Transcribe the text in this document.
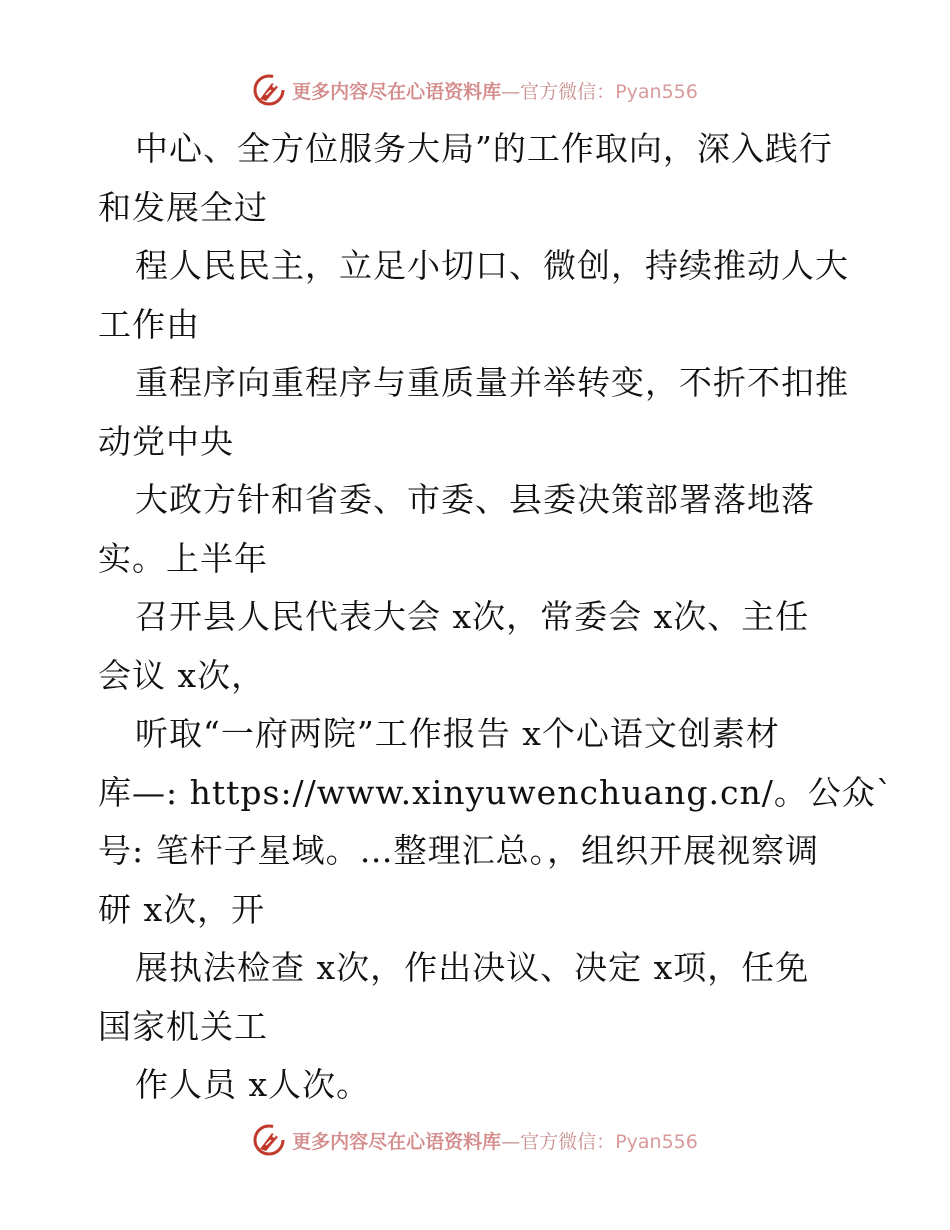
更多内容尽在心语资料库—官方微信：Pyan556
中心、全方位服务大局”的工作取向，深入践行
和发展全过
程人民民主，立足小切口、微创，持续推动人大
工作由
重程序向重程序与重质量并举转变，不折不扣推
动党中央
大政方针和省委、市委、县委决策部署落地落
实。上半年
召开县人民代表大会 x次，常委会 x次、主任
会议 x次，
听取“一府两院”工作报告 x个心语文创素材
库—: https://www.xinyuwenchuang.cn/。公众`
号: 笔杆子星域。…整理汇总。，组织开展视察调
研 x次，开
展执法检查 x次，作出决议、决定 x项，任免
国家机关工
作人员 x人次。
更多内容尽在心语资料库—官方微信：Pyan556
